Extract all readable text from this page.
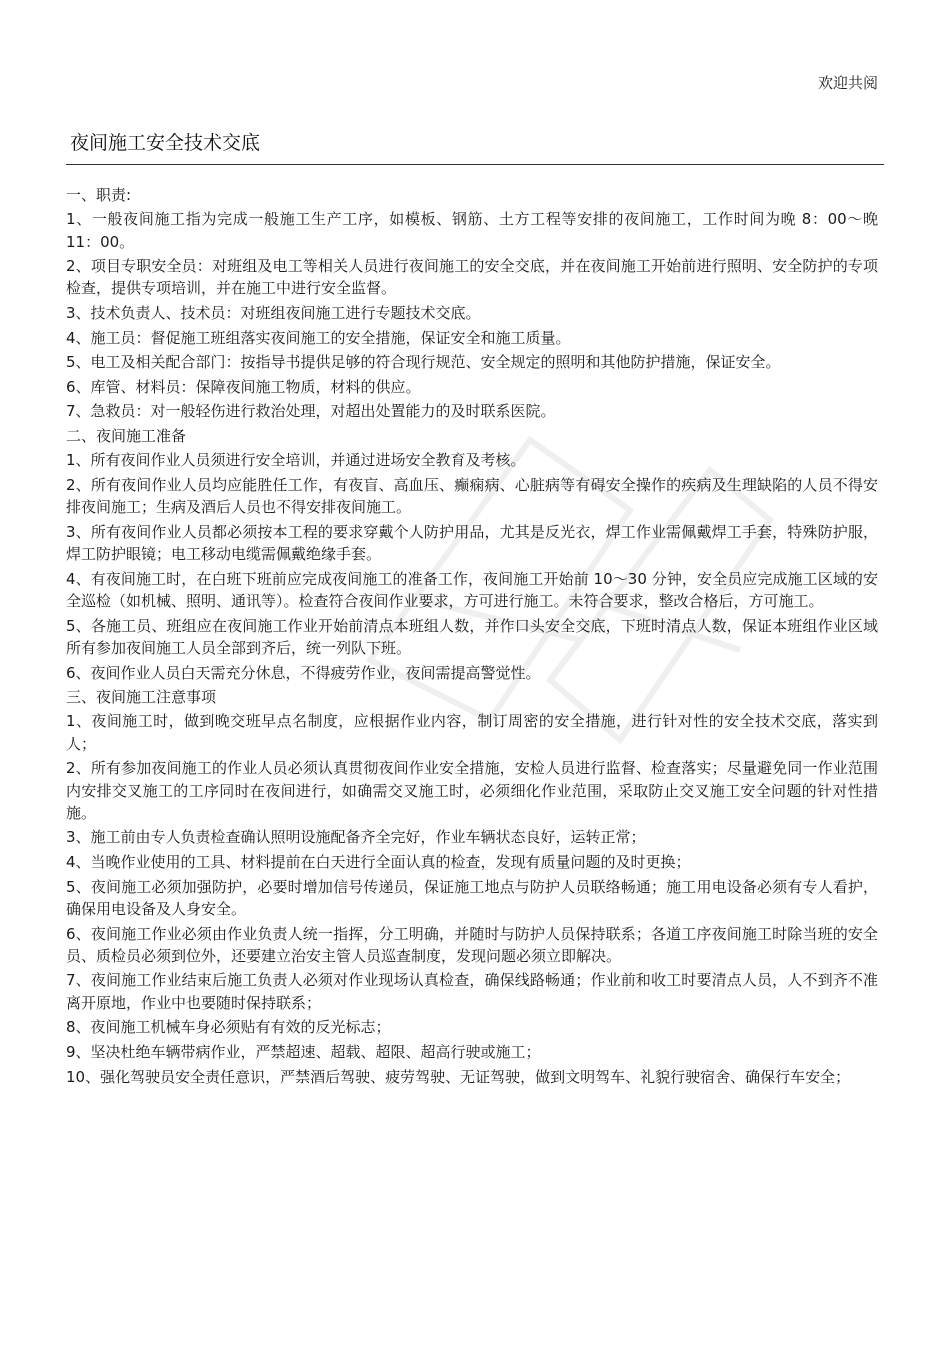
欢迎共阅
夜间施工安全技术交底

一、职责:

1、一般夜间施工指为完成一般施工生产工序，如模板、钢筋、土方工程等安排的夜间施工，工作时间为晚 8：00～晚 11：00。

2、项目专职安全员：对班组及电工等相关人员进行夜间施工的安全交底，并在夜间施工开始前进行照明、安全防护的专项检查，提供专项培训，并在施工中进行安全监督。

3、技术负责人、技术员：对班组夜间施工进行专题技术交底。

4、施工员：督促施工班组落实夜间施工的安全措施，保证安全和施工质量。

5、电工及相关配合部门：按指导书提供足够的符合现行规范、安全规定的照明和其他防护措施，保证安全。

6、库管、材料员：保障夜间施工物质，材料的供应。

7、急救员：对一般轻伤进行救治处理，对超出处置能力的及时联系医院。

二、夜间施工准备

1、所有夜间作业人员须进行安全培训，并通过进场安全教育及考核。

2、所有夜间作业人员均应能胜任工作，有夜盲、高血压、癫痫病、心脏病等有碍安全操作的疾病及生理缺陷的人员不得安排夜间施工；生病及酒后人员也不得安排夜间施工。

3、所有夜间作业人员都必须按本工程的要求穿戴个人防护用品，尤其是反光衣，焊工作业需佩戴焊工手套，特殊防护服，焊工防护眼镜；电工移动电缆需佩戴绝缘手套。

4、有夜间施工时，在白班下班前应完成夜间施工的准备工作，夜间施工开始前 10～30 分钟，安全员应完成施工区域的安全巡检（如机械、照明、通讯等）。检查符合夜间作业要求，方可进行施工。未符合要求，整改合格后，方可施工。

5、各施工员、班组应在夜间施工作业开始前清点本班组人数，并作口头安全交底，下班时清点人数，保证本班组作业区域所有参加夜间施工人员全部到齐后，统一列队下班。

6、夜间作业人员白天需充分休息，不得疲劳作业，夜间需提高警觉性。

三、夜间施工注意事项

1、夜间施工时，做到晚交班早点名制度，应根据作业内容，制订周密的安全措施，进行针对性的安全技术交底，落实到人；

2、所有参加夜间施工的作业人员必须认真贯彻夜间作业安全措施，安检人员进行监督、检查落实；尽量避免同一作业范围内安排交叉施工的工序同时在夜间进行，如确需交叉施工时，必须细化作业范围，采取防止交叉施工安全问题的针对性措施。

3、施工前由专人负责检查确认照明设施配备齐全完好，作业车辆状态良好，运转正常；

4、当晚作业使用的工具、材料提前在白天进行全面认真的检查，发现有质量问题的及时更换；

5、夜间施工必须加强防护，必要时增加信号传递员，保证施工地点与防护人员联络畅通；施工用电设备必须有专人看护，确保用电设备及人身安全。

6、夜间施工作业必须由作业负责人统一指挥，分工明确，并随时与防护人员保持联系；各道工序夜间施工时除当班的安全员、质检员必须到位外，还要建立治安主管人员巡查制度，发现问题必须立即解决。

7、夜间施工作业结束后施工负责人必须对作业现场认真检查，确保线路畅通；作业前和收工时要清点人员，人不到齐不准离开原地，作业中也要随时保持联系；

8、夜间施工机械车身必须贴有有效的反光标志；

9、坚决杜绝车辆带病作业，严禁超速、超载、超限、超高行驶或施工；

10、强化驾驶员安全责任意识，严禁酒后驾驶、疲劳驾驶、无证驾驶，做到文明驾车、礼貌行驶宿舍、确保行车安全；
